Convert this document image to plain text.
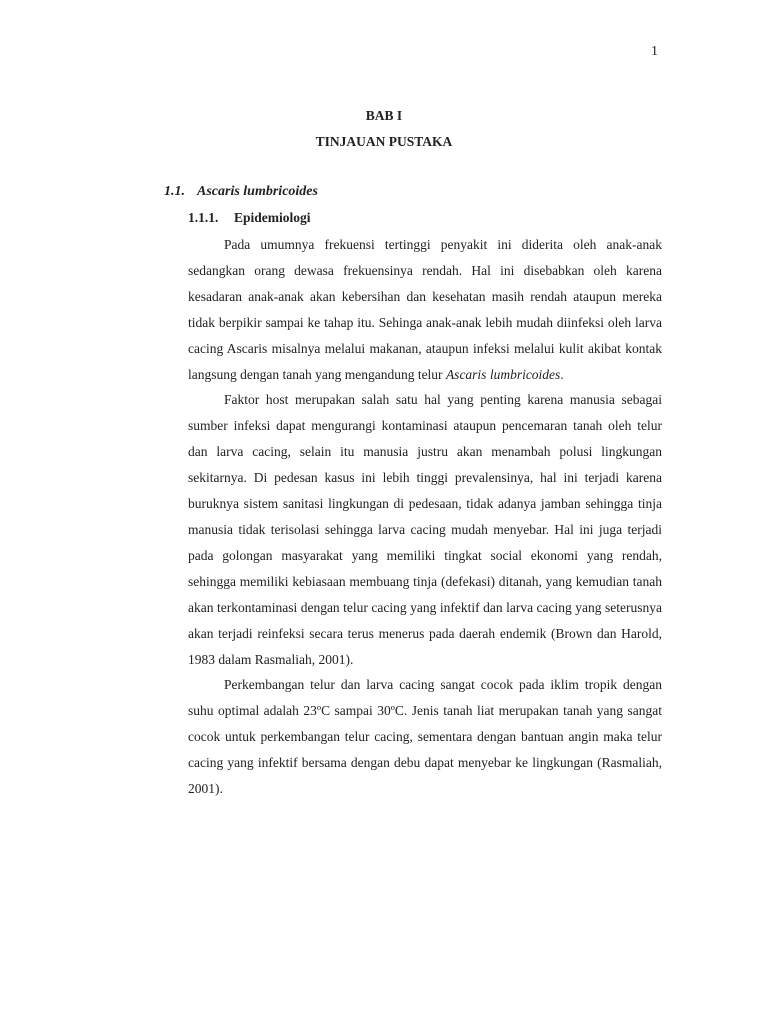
1
BAB I
TINJAUAN PUSTAKA
1.1. Ascaris lumbricoides
1.1.1. Epidemiologi

Pada umumnya frekuensi tertinggi penyakit ini diderita oleh anak-anak sedangkan orang dewasa frekuensinya rendah. Hal ini disebabkan oleh karena kesadaran anak-anak akan kebersihan dan kesehatan masih rendah ataupun mereka tidak berpikir sampai ke tahap itu. Sehinga anak-anak lebih mudah diinfeksi oleh larva cacing Ascaris misalnya melalui makanan, ataupun infeksi melalui kulit akibat kontak langsung dengan tanah yang mengandung telur Ascaris lumbricoides.

Faktor host merupakan salah satu hal yang penting karena manusia sebagai sumber infeksi dapat mengurangi kontaminasi ataupun pencemaran tanah oleh telur dan larva cacing, selain itu manusia justru akan menambah polusi lingkungan sekitarnya. Di pedesan kasus ini lebih tinggi prevalensinya, hal ini terjadi karena buruknya sistem sanitasi lingkungan di pedesaan, tidak adanya jamban sehingga tinja manusia tidak terisolasi sehingga larva cacing mudah menyebar. Hal ini juga terjadi pada golongan masyarakat yang memiliki tingkat social ekonomi yang rendah, sehingga memiliki kebiasaan membuang tinja (defekasi) ditanah, yang kemudian tanah akan terkontaminasi dengan telur cacing yang infektif dan larva cacing yang seterusnya akan terjadi reinfeksi secara terus menerus pada daerah endemik (Brown dan Harold, 1983 dalam Rasmaliah, 2001).

Perkembangan telur dan larva cacing sangat cocok pada iklim tropik dengan suhu optimal adalah 23ºC sampai 30ºC. Jenis tanah liat merupakan tanah yang sangat cocok untuk perkembangan telur cacing, sementara dengan bantuan angin maka telur cacing yang infektif bersama dengan debu dapat menyebar ke lingkungan (Rasmaliah, 2001).
